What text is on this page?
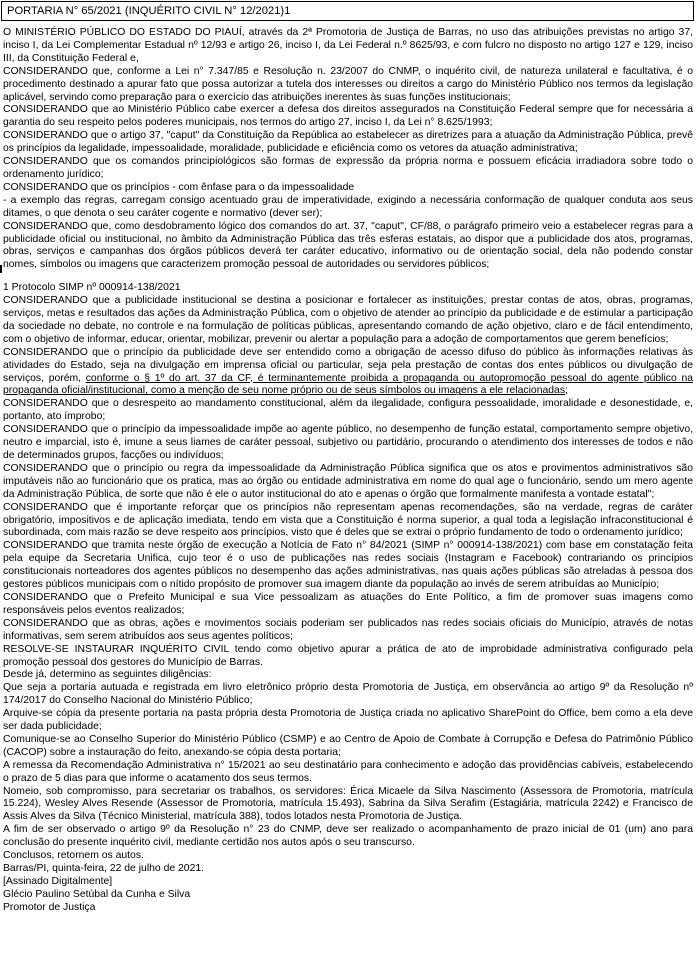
PORTARIA N° 65/2021 (INQUÉRITO CIVIL N° 12/2021)1

O MINISTÉRIO PÚBLICO DO ESTADO DO PIAUÍ, através da 2ª Promotoria de Justiça de Barras, no uso das atribuições previstas no artigo 37, inciso I, da Lei Complementar Estadual nº 12/93 e artigo 26, inciso I, da Lei Federal n.º 8625/93, e com fulcro no disposto no artigo 127 e 129, inciso III, da Constituição Federal e,

CONSIDERANDO que, conforme a Lei n° 7.347/85 e Resolução n. 23/2007 do CNMP, o inquérito civil, de natureza unilateral e facultativa, é o procedimento destinado a apurar fato que possa autorizar a tutela dos interesses ou direitos a cargo do Ministério Público nos termos da legislação aplicável, servindo como preparação para o exercício das atribuições inerentes às suas funções institucionais;

CONSIDERANDO que ao Ministério Público cabe exercer a defesa dos direitos assegurados na Constituição Federal sempre que for necessária a garantia do seu respeito pelos poderes municipais, nos termos do artigo 27, inciso I, da Lei n° 8.625/1993;

CONSIDERANDO que o artigo 37, "caput" da Constituição da República ao estabelecer as diretrizes para a atuação da Administração Pública, prevê os princípios da legalidade, impessoalidade, moralidade, publicidade e eficiência como os vetores da atuação administrativa;

CONSIDERANDO que os comandos principiológicos são formas de expressão da própria norma e possuem eficácia irradiadora sobre todo o ordenamento jurídico;

CONSIDERANDO que os princípios - com ênfase para o da impessoalidade

- a exemplo das regras, carregam consigo acentuado grau de imperatividade, exigindo a necessária conformação de qualquer conduta aos seus ditames, o que denota o seu caráter cogente e normativo (dever ser);

CONSIDERANDO que, como desdobramento lógico dos comandos do art. 37, "caput", CF/88, o parágrafo primeiro veio a estabelecer regras para a publicidade oficial ou institucional, no âmbito da Administração Pública das três esferas estatais, ao dispor que a publicidade dos atos, programas, obras, serviços e campanhas dos órgãos públicos deverá ter caráter educativo, informativo ou de orientação social, dela não podendo constar nomes, símbolos ou imagens que caracterizem promoção pessoal de autoridades ou servidores públicos;

1 Protocolo SIMP nº 000914-138/2021

CONSIDERANDO que a publicidade institucional se destina a posicionar e fortalecer as instituições, prestar contas de atos, obras, programas, serviços, metas e resultados das ações da Administração Pública, com o objetivo de atender ao princípio da publicidade e de estimular a participação da sociedade no debate, no controle e na formulação de políticas públicas, apresentando comando de ação objetivo, claro e de fácil entendimento, com o objetivo de informar, educar, orientar, mobilizar, prevenir ou alertar a população para a adoção de comportamentos que gerem benefícios;

CONSIDERANDO que o princípio da publicidade deve ser entendido como a obrigação de acesso difuso do público às informações relativas às atividades do Estado, seja na divulgação em imprensa oficial ou particular, seja pela prestação de contas dos entes públicos ou divulgação de serviços, porém, conforme o § 1º do art. 37 da CF, é terminantemente proibida a propaganda ou autopromoção pessoal do agente público na propaganda oficial/institucional, como a menção de seu nome próprio ou de seus símbolos ou imagens a ele relacionadas;

CONSIDERANDO que o desrespeito ao mandamento constitucional, além da ilegalidade, configura pessoalidade, imoralidade e desonestidade, e, portanto, ato ímprobo;

CONSIDERANDO que o princípio da impessoalidade impõe ao agente público, no desempenho de função estatal, comportamento sempre objetivo, neutro e imparcial, isto é, imune a seus liames de caráter pessoal, subjetivo ou partidário, procurando o atendimento dos interesses de todos e não de determinados grupos, facções ou indivíduos;

CONSIDERANDO que o princípio ou regra da impessoalidade da Administração Pública significa que os atos e provimentos administrativos são imputáveis não ao funcionário que os pratica, mas ao órgão ou entidade administrativa em nome do qual age o funcionário, sendo um mero agente da Administração Pública, de sorte que não é ele o autor institucional do ato e apenas o órgão que formalmente manifesta a vontade estatal";

CONSIDERANDO que é importante reforçar que os princípios não representam apenas recomendações, são na verdade, regras de caráter obrigatório, impositivos e de aplicação imediata, tendo em vista que a Constituição é norma superior, a qual toda a legislação infraconstitucional é subordinada, com mais razão se deve respeito aos princípios, visto que é deles que se extrai o próprio fundamento de todo o ordenamento jurídico;

CONSIDERANDO que tramita neste órgão de execução a Notícia de Fato n° 84/2021 (SIMP n° 000914-138/2021) com base em constatação feita pela equipe da Secretaria Unifica, cujo teor é o uso de publicações nas redes sociais (Instagram e Facebook) contrariando os princípios constitucionais norteadores dos agentes públicos no desempenho das ações administrativas, nas quais ações públicas são atreladas à pessoa dos gestores públicos municipais com o nítido propósito de promover sua imagem diante da população ao invés de serem atribuídas ao Município;

CONSIDERANDO que o Prefeito Municipal e sua Vice pessoalizam as atuações do Ente Político, a fim de promover suas imagens como responsáveis pelos eventos realizados;

CONSIDERANDO que as obras, ações e movimentos sociais poderiam ser publicados nas redes sociais oficiais do Município, através de notas informativas, sem serem atribuídos aos seus agentes políticos;

RESOLVE-SE INSTAURAR INQUÉRITO CIVIL tendo como objetivo apurar a prática de ato de improbidade administrativa configurado pela promoção pessoal dos gestores do Município de Barras.

Desde já, determino as seguintes diligências:

Que seja a portaria autuada e registrada em livro eletrônico próprio desta Promotoria de Justiça, em observância ao artigo 9º da Resolução nº 174/2017 do Conselho Nacional do Ministério Público;

Arquive-se cópia da presente portaria na pasta própria desta Promotoria de Justiça criada no aplicativo SharePoint do Office, bem como a ela deve ser dada publicidade;

Comunique-se ao Conselho Superior do Ministério Público (CSMP) e ao Centro de Apoio de Combate à Corrupção e Defesa do Patrimônio Público (CACOP) sobre a instauração do feito, anexando-se cópia desta portaria;

A remessa da Recomendação Administrativa n° 15/2021 ao seu destinatário para conhecimento e adoção das providências cabíveis, estabelecendo o prazo de 5 dias para que informe o acatamento dos seus termos.

Nomeio, sob compromisso, para secretariar os trabalhos, os servidores: Érica Micaele da Silva Nascimento (Assessora de Promotoria, matrícula 15.224), Wesley Alves Resende (Assessor de Promotoria, matrícula 15.493), Sabrina da Silva Serafim (Estagiária, matrícula 2242) e Francisco de Assis Alves da Silva (Técnico Ministerial, matrícula 388), todos lotados nesta Promotoria de Justiça.

A fim de ser observado o artigo 9º da Resolução n° 23 do CNMP, deve ser realizado o acompanhamento de prazo inicial de 01 (um) ano para conclusão do presente inquérito civil, mediante certidão nos autos após o seu transcurso.

Conclusos, retornem os autos.

Barras/PI, quinta-feira, 22 de julho de 2021.

[Assinado Digitalmente]

Glécio Paulino Setúbal da Cunha e Silva

Promotor de Justiça
